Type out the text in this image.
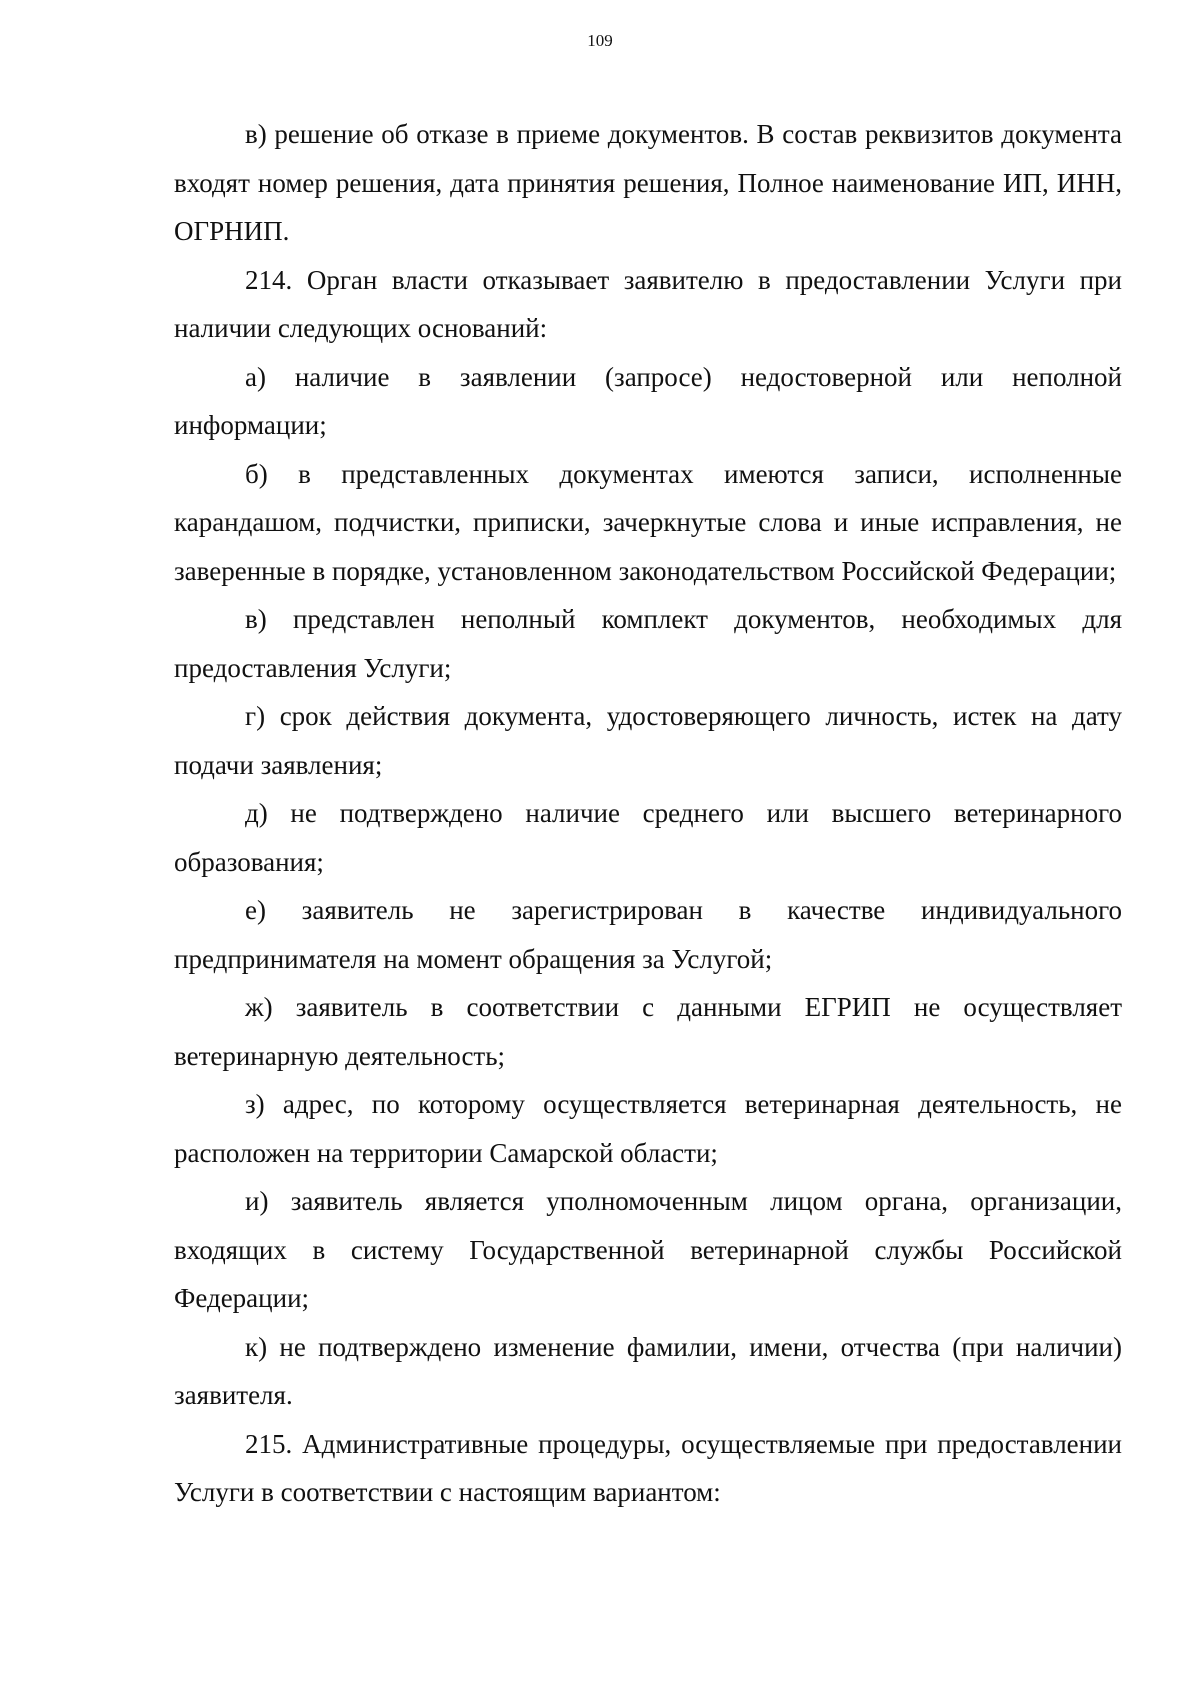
109

в) решение об отказе в приеме документов. В состав реквизитов документа входят номер решения, дата принятия решения, Полное наименование ИП, ИНН, ОГРНИП.

214. Орган власти отказывает заявителю в предоставлении Услуги при наличии следующих оснований:

а) наличие в заявлении (запросе) недостоверной или неполной информации;

б) в представленных документах имеются записи, исполненные карандашом, подчистки, приписки, зачеркнутые слова и иные исправления, не заверенные в порядке, установленном законодательством Российской Федерации;

в) представлен неполный комплект документов, необходимых для предоставления Услуги;

г) срок действия документа, удостоверяющего личность, истек на дату подачи заявления;

д) не подтверждено наличие среднего или высшего ветеринарного образования;

е) заявитель не зарегистрирован в качестве индивидуального предпринимателя на момент обращения за Услугой;

ж) заявитель в соответствии с данными ЕГРИП не осуществляет ветеринарную деятельность;

з) адрес, по которому осуществляется ветеринарная деятельность, не расположен на территории Самарской области;

и) заявитель является уполномоченным лицом органа, организации, входящих в систему Государственной ветеринарной службы Российской Федерации;

к) не подтверждено изменение фамилии, имени, отчества (при наличии) заявителя.

215. Административные процедуры, осуществляемые при предоставлении Услуги в соответствии с настоящим вариантом:
